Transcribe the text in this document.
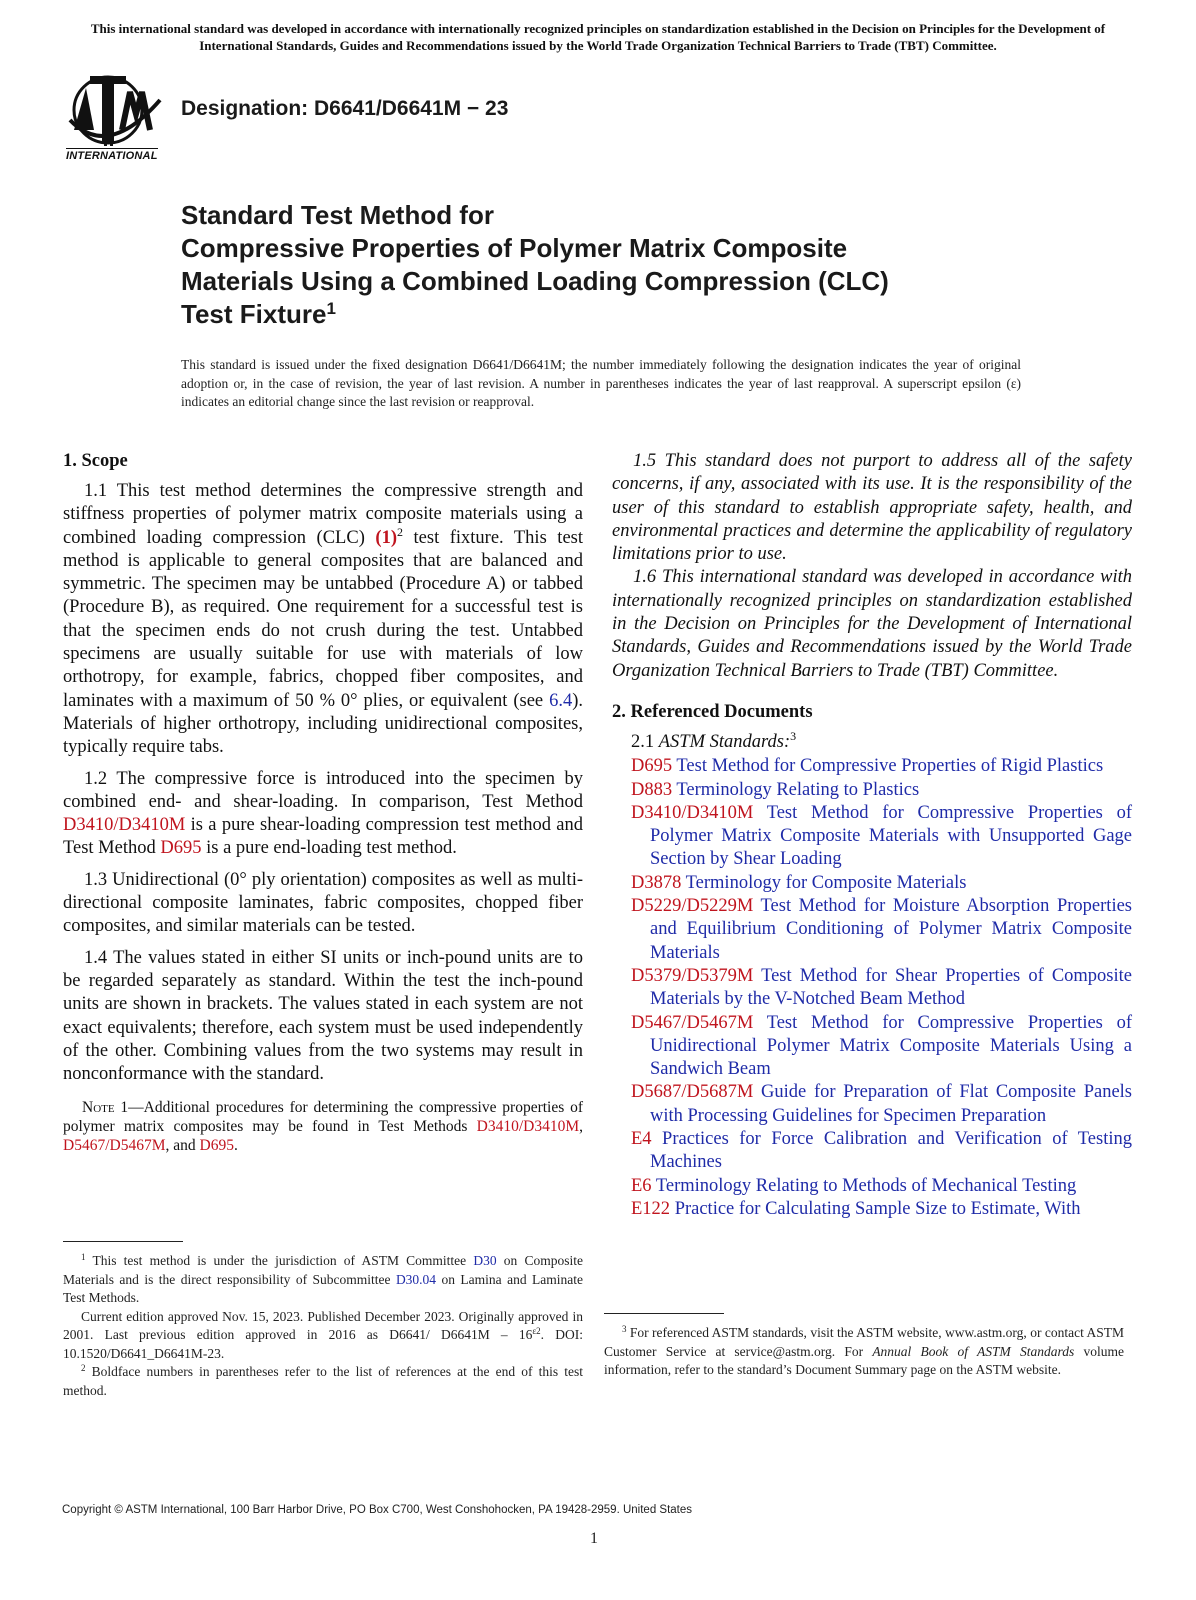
This international standard was developed in accordance with internationally recognized principles on standardization established in the Decision on Principles for the Development of International Standards, Guides and Recommendations issued by the World Trade Organization Technical Barriers to Trade (TBT) Committee.
INTERNATIONAL
Designation: D6641/D6641M − 23
Standard Test Method for
Compressive Properties of Polymer Matrix Composite
Materials Using a Combined Loading Compression (CLC)
Test Fixture$^1$
This standard is issued under the fixed designation D6641/D6641M; the number immediately following the designation indicates the year of original adoption or, in the case of revision, the year of last revision. A number in parentheses indicates the year of last reapproval. A superscript epsilon (ε) indicates an editorial change since the last revision or reapproval.
1. Scope

1.1 This test method determines the compressive strength and stiffness properties of polymer matrix composite materials using a combined loading compression (CLC) $(1)^2$ test fixture. This test method is applicable to general composites that are balanced and symmetric. The specimen may be untabbed (Procedure A) or tabbed (Procedure B), as required. One requirement for a successful test is that the specimen ends do not crush during the test. Untabbed specimens are usually suitable for use with materials of low orthotropy, for example, fabrics, chopped fiber composites, and laminates with a maximum of 50 % 0° plies, or equivalent (see 6.4). Materials of higher orthotropy, including unidirectional composites, typically require tabs.

1.2 The compressive force is introduced into the specimen by combined end- and shear-loading. In comparison, Test Method D3410/D3410M is a pure shear-loading compression test method and Test Method D695 is a pure end-loading test method.

1.3 Unidirectional (0° ply orientation) composites as well as multi-directional composite laminates, fabric composites, chopped fiber composites, and similar materials can be tested.

1.4 The values stated in either SI units or inch-pound units are to be regarded separately as standard. Within the test the inch-pound units are shown in brackets. The values stated in each system are not exact equivalents; therefore, each system must be used independently of the other. Combining values from the two systems may result in nonconformance with the standard.

Note 1—Additional procedures for determining the compressive properties of polymer matrix composites may be found in Test Methods D3410/D3410M, D5467/D5467M, and D695.

1.5 This standard does not purport to address all of the safety concerns, if any, associated with its use. It is the responsibility of the user of this standard to establish appropriate safety, health, and environmental practices and determine the applicability of regulatory limitations prior to use.

1.6 This international standard was developed in accordance with internationally recognized principles on standardization established in the Decision on Principles for the Development of International Standards, Guides and Recommendations issued by the World Trade Organization Technical Barriers to Trade (TBT) Committee.

2. Referenced Documents
2.1 ASTM Standards:$^3$
D695 Test Method for Compressive Properties of Rigid Plastics
D883 Terminology Relating to Plastics
D3410/D3410M Test Method for Compressive Properties of Polymer Matrix Composite Materials with Unsupported Gage Section by Shear Loading
D3878 Terminology for Composite Materials
D5229/D5229M Test Method for Moisture Absorption Properties and Equilibrium Conditioning of Polymer Matrix Composite Materials
D5379/D5379M Test Method for Shear Properties of Composite Materials by the V-Notched Beam Method
D5467/D5467M Test Method for Compressive Properties of Unidirectional Polymer Matrix Composite Materials Using a Sandwich Beam
D5687/D5687M Guide for Preparation of Flat Composite Panels with Processing Guidelines for Specimen Preparation
E4 Practices for Force Calibration and Verification of Testing Machines
E6 Terminology Relating to Methods of Mechanical Testing
E122 Practice for Calculating Sample Size to Estimate, With

$^1$ This test method is under the jurisdiction of ASTM Committee D30 on Composite Materials and is the direct responsibility of Subcommittee D30.04 on Lamina and Laminate Test Methods.

Current edition approved Nov. 15, 2023. Published December 2023. Originally approved in 2001. Last previous edition approved in 2016 as D6641/ $D6641M - 16^{\varepsilon 2}$. DOI: 10.1520/D6641_D6641M-23.

$^2$ Boldface numbers in parentheses refer to the list of references at the end of this test method.

$^3$ For referenced ASTM standards, visit the ASTM website, www.astm.org, or contact ASTM Customer Service at service@astm.org. For Annual Book of ASTM Standards volume information, refer to the standard’s Document Summary page on the ASTM website.

Copyright © ASTM International, 100 Barr Harbor Drive, PO Box C700, West Conshohocken, PA 19428-2959. United States
1
